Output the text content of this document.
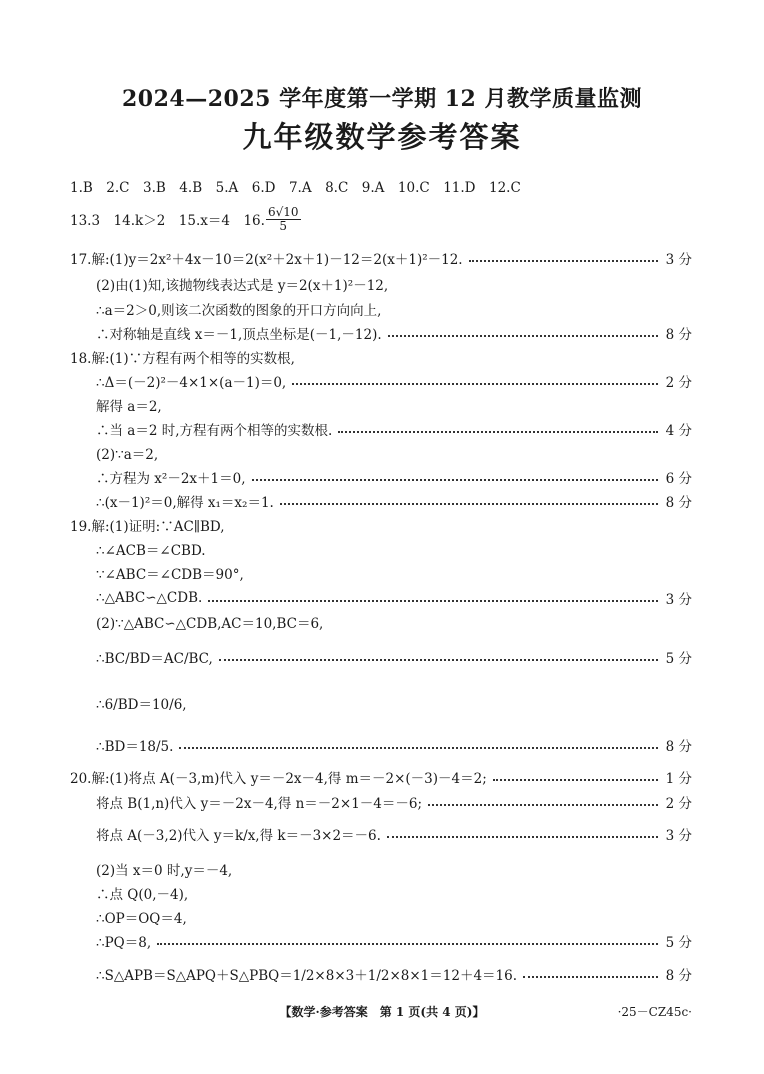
2024—2025 学年度第一学期 12 月教学质量监测
九年级数学参考答案
1.B　2.C　3.B　4.B　5.A　6.D　7.A　8.C　9.A　10.C　11.D　12.C
13.3　14.k＞2　15.x＝4　16.
6√10
5
17.解:(1)y＝2x²＋4x－10＝2(x²＋2x＋1)－12＝2(x＋1)²－12.	3 分
(2)由(1)知,该抛物线表达式是 y＝2(x＋1)²－12,
∴a＝2＞0,则该二次函数的图象的开口方向向上,
∴对称轴是直线 x＝－1,顶点坐标是(－1,－12).	8 分
18.解:(1)∵方程有两个相等的实数根,
∴Δ＝(－2)²－4×1×(a－1)＝0,	2 分
解得 a＝2,
∴当 a＝2 时,方程有两个相等的实数根.	4 分
(2)∵a＝2,
∴方程为 x²－2x＋1＝0,	6 分
∴(x－1)²＝0,解得 x₁＝x₂＝1.	8 分
19.解:(1)证明:∵AC∥BD,
∴∠ACB＝∠CBD.
∵∠ABC＝∠CDB＝90°,
∴△ABC∽△CDB.	3 分
(2)∵△ABC∽△CDB,AC＝10,BC＝6,
∴BC/BD＝AC/BC,	5 分
∴6/BD＝10/6,
∴BD＝18/5.	8 分
20.解:(1)将点 A(－3,m)代入 y＝－2x－4,得 m＝－2×(－3)－4＝2;	1 分
将点 B(1,n)代入 y＝－2x－4,得 n＝－2×1－4＝－6;	2 分
将点 A(－3,2)代入 y＝k/x,得 k＝－3×2＝－6.	3 分
(2)当 x＝0 时,y＝－4,
∴点 Q(0,－4),
∴OP＝OQ＝4,
∴PQ＝8,	5 分
∴S△APB＝S△APQ＋S△PBQ＝1/2×8×3＋1/2×8×1＝12＋4＝16.	8 分
【数学·参考答案　第 1 页(共 4 页)】	·25－CZ45c·
